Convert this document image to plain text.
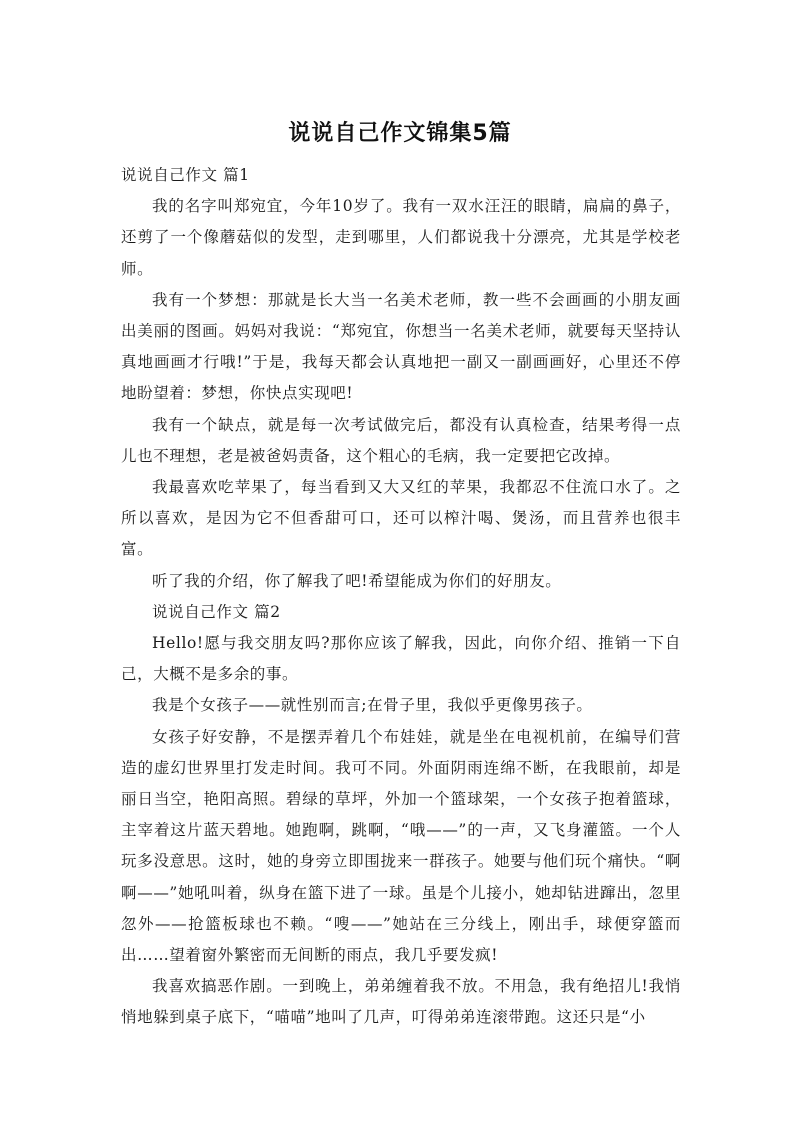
说说自己作文锦集5篇

说说自己作文 篇1

我的名字叫郑宛宜，今年10岁了。我有一双水汪汪的眼睛，扁扁的鼻子，还剪了一个像蘑菇似的发型，走到哪里，人们都说我十分漂亮，尤其是学校老师。

我有一个梦想：那就是长大当一名美术老师，教一些不会画画的小朋友画出美丽的图画。妈妈对我说：“郑宛宜，你想当一名美术老师，就要每天坚持认真地画画才行哦!”于是，我每天都会认真地把一副又一副画画好，心里还不停地盼望着：梦想，你快点实现吧!

我有一个缺点，就是每一次考试做完后，都没有认真检查，结果考得一点儿也不理想，老是被爸妈责备，这个粗心的毛病，我一定要把它改掉。

我最喜欢吃苹果了，每当看到又大又红的苹果，我都忍不住流口水了。之所以喜欢，是因为它不但香甜可口，还可以榨汁喝、煲汤，而且营养也很丰富。

听了我的介绍，你了解我了吧!希望能成为你们的好朋友。

说说自己作文 篇2

Hello!愿与我交朋友吗?那你应该了解我，因此，向你介绍、推销一下自己，大概不是多余的事。

我是个女孩子——就性别而言;在骨子里，我似乎更像男孩子。

女孩子好安静，不是摆弄着几个布娃娃，就是坐在电视机前，在编导们营造的虚幻世界里打发走时间。我可不同。外面阴雨连绵不断，在我眼前，却是丽日当空，艳阳高照。碧绿的草坪，外加一个篮球架，一个女孩子抱着篮球，主宰着这片蓝天碧地。她跑啊，跳啊，“哦——”的一声，又飞身灌篮。一个人玩多没意思。这时，她的身旁立即围拢来一群孩子。她要与他们玩个痛快。“啊啊——”她吼叫着，纵身在篮下进了一球。虽是个儿接小，她却钻进蹿出，忽里忽外——抢篮板球也不赖。“嗖——”她站在三分线上，刚出手，球便穿篮而出……望着窗外繁密而无间断的雨点，我几乎要发疯!

我喜欢搞恶作剧。一到晚上，弟弟缠着我不放。不用急，我有绝招儿!我悄悄地躲到桌子底下，“喵喵”地叫了几声，叮得弟弟连滚带跑。这还只是“小
